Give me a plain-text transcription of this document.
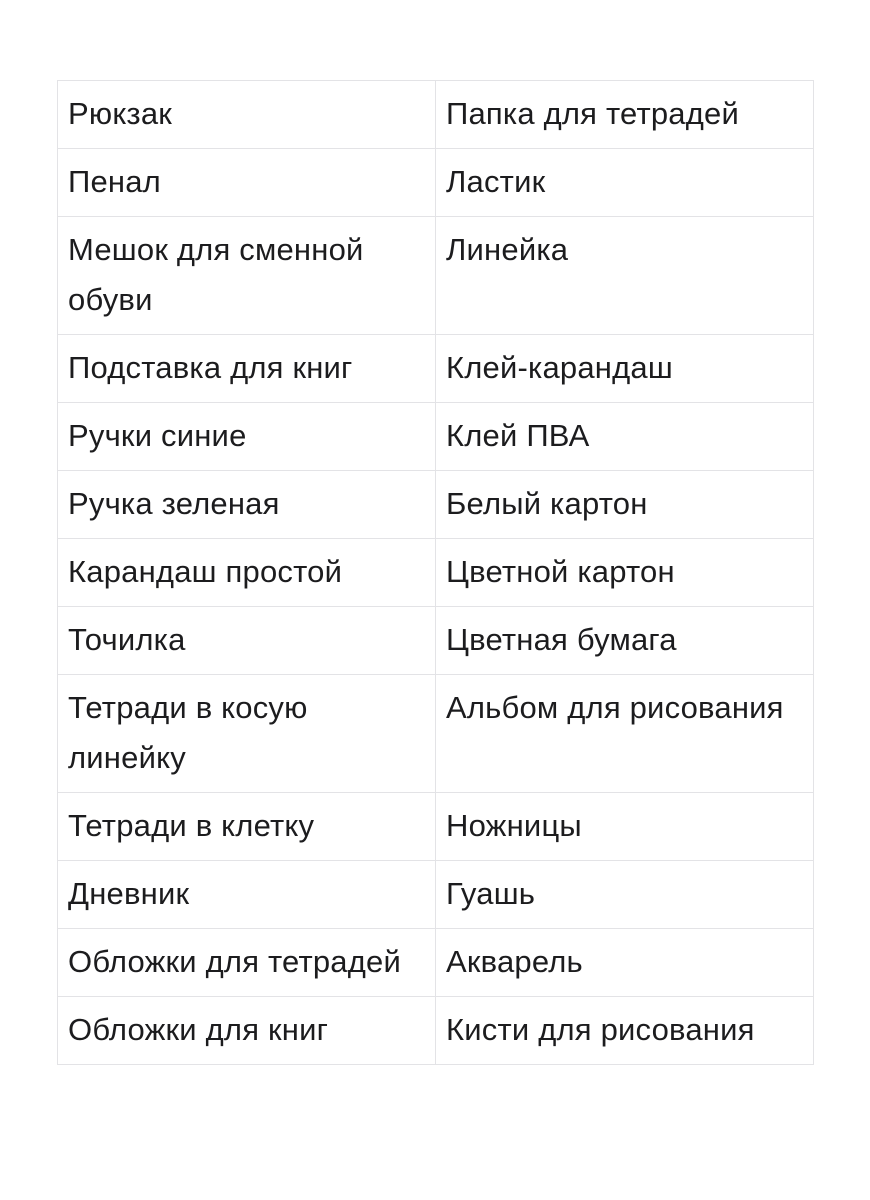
Рюкзак	Папка для тетрадей
Пенал	Ластик
Мешок для сменной обуви	Линейка
Подставка для книг	Клей-карандаш
Ручки синие	Клей ПВА
Ручка зеленая	Белый картон
Карандаш простой	Цветной картон
Точилка	Цветная бумага
Тетради в косую линейку	Альбом для рисования
Тетради в клетку	Ножницы
Дневник	Гуашь
Обложки для тетрадей	Акварель
Обложки для книг	Кисти для рисования
